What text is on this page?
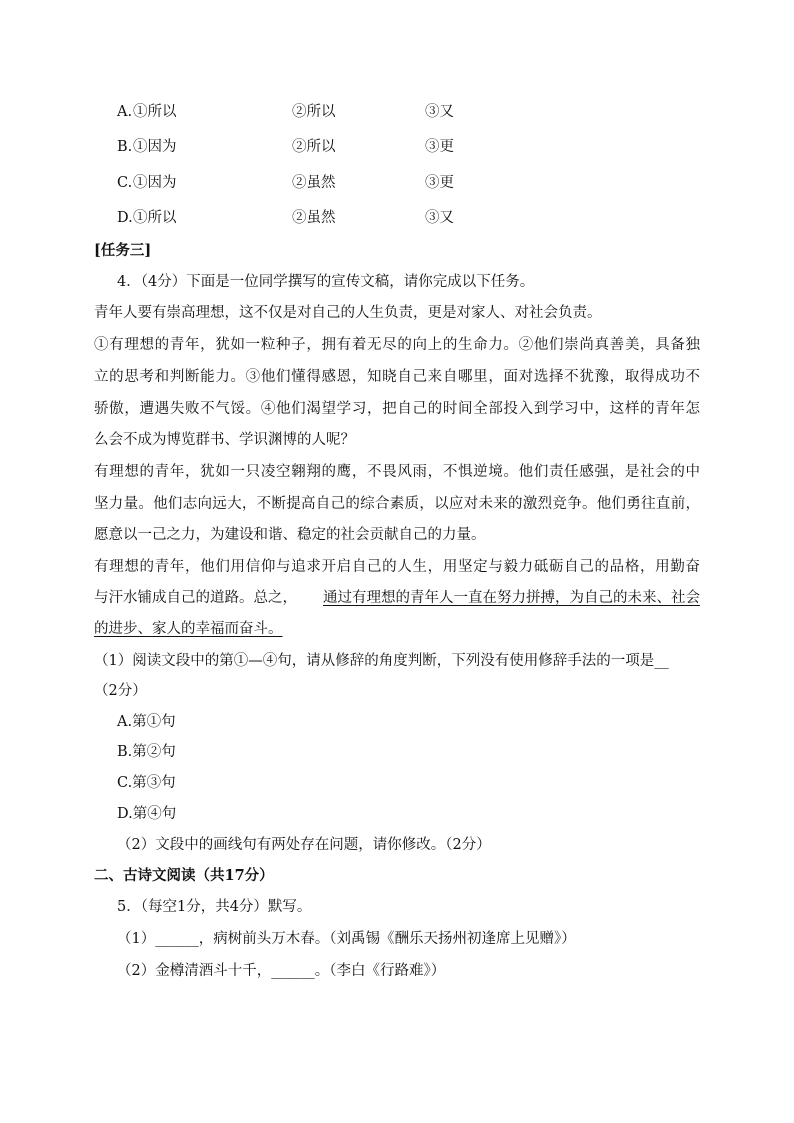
A. ①所以	②所以	③又
B. ①因为	②所以	③更
C. ①因为	②虽然	③更
D. ①所以	②虽然	③又
[任务三]
4．（4分）下面是一位同学撰写的宣传文稿，请你完成以下任务。
青年人要有崇高理想，这不仅是对自己的人生负责，更是对家人、对社会负责。
①有理想的青年，犹如一粒种子，拥有着无尽的向上的生命力。②他们崇尚真善美，具备独
立的思考和判断能力。③他们懂得感恩，知晓自己来自哪里，面对选择不犹豫，取得成功不
骄傲，遭遇失败不气馁。④他们渴望学习，把自己的时间全部投入到学习中，这样的青年怎
么会不成为博览群书、学识渊博的人呢？
有理想的青年，犹如一只凌空翱翔的鹰，不畏风雨，不惧逆境。他们责任感强，是社会的中
坚力量。他们志向远大，不断提高自己的综合素质，以应对未来的激烈竞争。他们勇往直前，
愿意以一己之力，为建设和谐、稳定的社会贡献自己的力量。
有理想的青年，他们用信仰与追求开启自己的人生，用坚定与毅力砥砺自己的品格，用勤奋
与汗水铺成自己的道路。总之， 通过有理想的青年人一直在努力拼搏，为自己的未来、社会
的进步、家人的幸福而奋斗。
（1）阅读文段中的第①—④句，请从修辞的角度判断，下列没有使用修辞手法的一项是__
（2分）
A.第①句
B.第②句
C.第③句
D.第④句
（2）文段中的画线句有两处存在问题，请你修改。（2分）
二、古诗文阅读（共17分）
5．（每空1分，共4分）默写。
（1）______，病树前头万木春。（刘禹锡《酬乐天扬州初逢席上见赠》）
（2）金樽清酒斗十千，______。（李白《行路难》）
